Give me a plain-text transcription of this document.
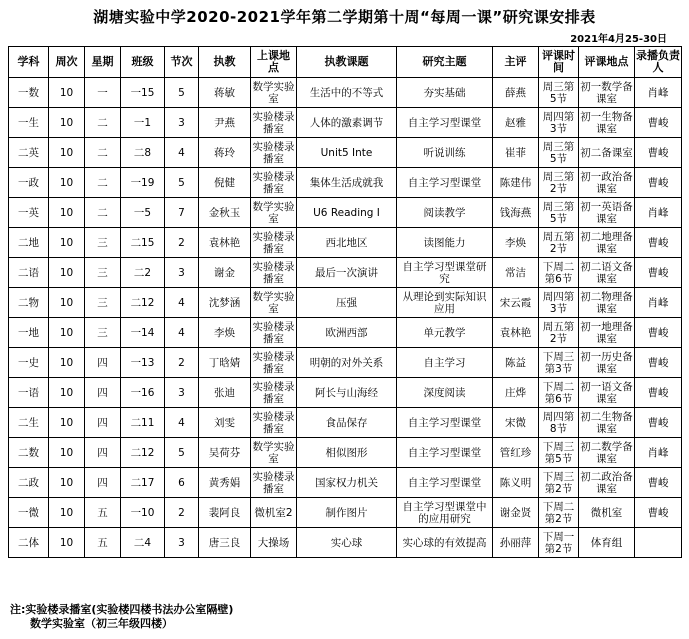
湖塘实验中学2020-2021学年第二学期第十周“每周一课”研究课安排表
2021年4月25-30日
学科	周次	星期	班级	节次	执教	上课地点	执教课题	研究主题	主评	评课时间	评课地点	录播负责人
一数	10	一	一15	5	蒋敏	数学实验室	生活中的不等式	夯实基础	薛燕	周三第5节	初一数学备课室	肖峰
一生	10	二	一1	3	尹燕	实验楼录播室	人体的激素调节	自主学习型课堂	赵雅	周四第3节	初一生物备课室	曹峻
二英	10	二	二8	4	蒋玲	实验楼录播室	Unit5 Inte	听说训练	崔菲	周三第5节	初二备课室	曹峻
一政	10	二	一19	5	倪健	实验楼录播室	集体生活成就我	自主学习型课堂	陈建伟	周三第2节	初一政治备课室	曹峻
一英	10	二	一5	7	金秋玉	数学实验室	U6 Reading I	阅读教学	钱海燕	周三第5节	初一英语备课室	肖峰
二地	10	三	二15	2	袁林艳	实验楼录播室	西北地区	读图能力	李焕	周五第2节	初二地理备课室	曹峻
二语	10	三	二2	3	谢金	实验楼录播室	最后一次演讲	自主学习型课堂研究	常洁	下周二第6节	初二语文备课室	曹峻
二物	10	三	二12	4	沈梦涵	数学实验室	压强	从理论到实际知识应用	宋云霞	周四第3节	初二物理备课室	肖峰
一地	10	三	一14	4	李焕	实验楼录播室	欧洲西部	单元教学	袁林艳	周五第2节	初一地理备课室	曹峻
一史	10	四	一13	2	丁晗婧	实验楼录播室	明朝的对外关系	自主学习	陈益	下周三第3节	初一历史备课室	曹峻
一语	10	四	一16	3	张迪	实验楼录播室	阿长与山海经	深度阅读	庄烨	下周二第6节	初一语文备课室	曹峻
二生	10	四	二11	4	刘雯	实验楼录播室	食品保存	自主学习型课堂	宋微	周四第8节	初二生物备课室	曹峻
二数	10	四	二12	5	吴荷芬	数学实验室	相似图形	自主学习型课堂	管红珍	下周三第5节	初二数学备课室	肖峰
二政	10	四	二17	6	黄秀娟	实验楼录播室	国家权力机关	自主学习型课堂	陈义明	下周三第2节	初二政治备课室	曹峻
一微	10	五	一10	2	裴阿良	微机室2	制作图片	自主学习型课堂中的应用研究	谢金贤	下周二第2节	微机室	曹峻
二体	10	五	二4	3	唐三良	大操场	实心球	实心球的有效提高	孙丽萍	下周一第2节	体育组	
注:实验楼录播室(实验楼四楼书法办公室隔壁)
数学实验室（初三年级四楼）
